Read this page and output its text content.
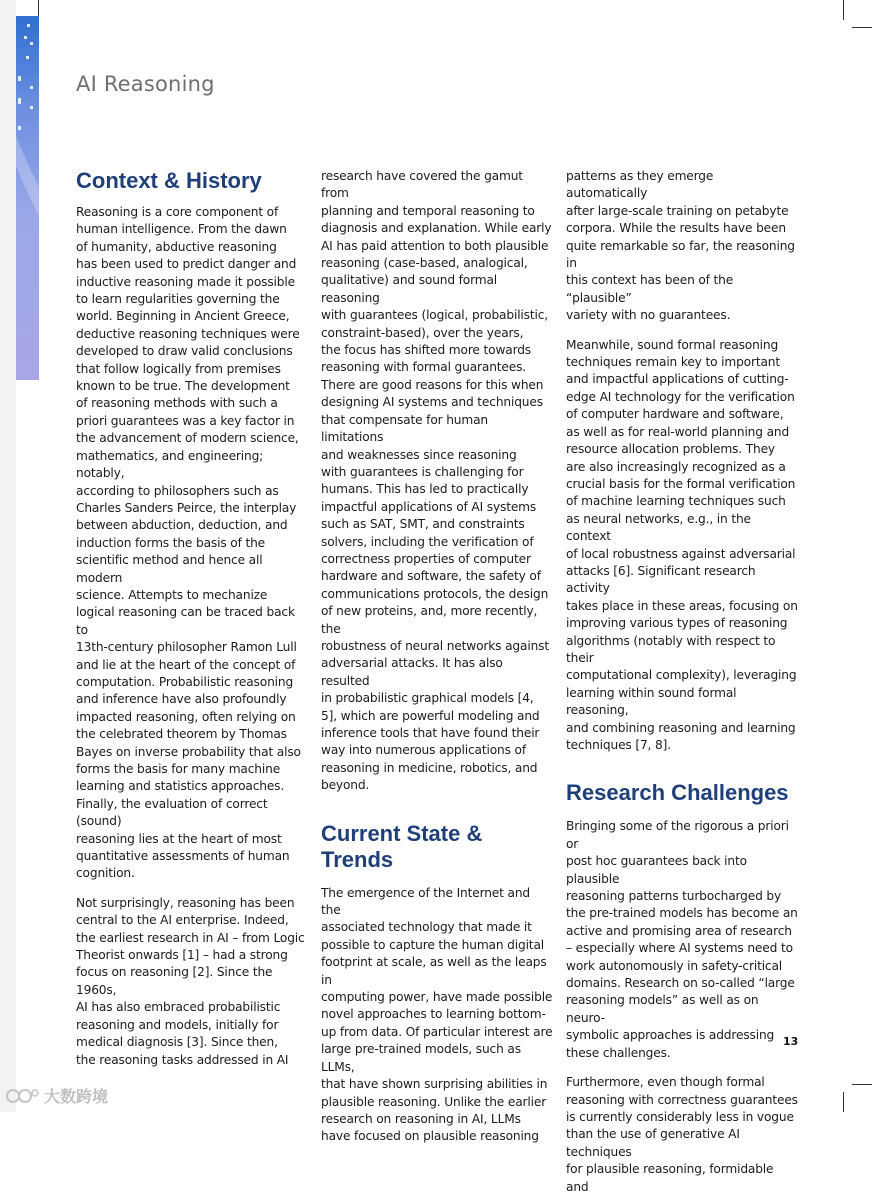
AI Reasoning
Context & History

Reasoning is a core component of
human intelligence. From the dawn
of humanity, abductive reasoning
has been used to predict danger and
inductive reasoning made it possible
to learn regularities governing the
world. Beginning in Ancient Greece,
deductive reasoning techniques were
developed to draw valid conclusions
that follow logically from premises
known to be true. The development
of reasoning methods with such a
priori guarantees was a key factor in
the advancement of modern science,
mathematics, and engineering; notably,
according to philosophers such as
Charles Sanders Peirce, the interplay
between abduction, deduction, and
induction forms the basis of the
scientific method and hence all modern
science. Attempts to mechanize
logical reasoning can be traced back to
13th-century philosopher Ramon Lull
and lie at the heart of the concept of
computation. Probabilistic reasoning
and inference have also profoundly
impacted reasoning, often relying on
the celebrated theorem by Thomas
Bayes on inverse probability that also
forms the basis for many machine
learning and statistics approaches.
Finally, the evaluation of correct (sound)
reasoning lies at the heart of most
quantitative assessments of human
cognition.

Not surprisingly, reasoning has been
central to the AI enterprise. Indeed,
the earliest research in AI – from Logic
Theorist onwards [1] – had a strong
focus on reasoning [2]. Since the 1960s,
AI has also embraced probabilistic
reasoning and models, initially for
medical diagnosis [3]. Since then,
the reasoning tasks addressed in AI

research have covered the gamut from
planning and temporal reasoning to
diagnosis and explanation. While early
AI has paid attention to both plausible
reasoning (case-based, analogical,
qualitative) and sound formal reasoning
with guarantees (logical, probabilistic,
constraint-based), over the years,
the focus has shifted more towards
reasoning with formal guarantees.
There are good reasons for this when
designing AI systems and techniques
that compensate for human limitations
and weaknesses since reasoning
with guarantees is challenging for
humans. This has led to practically
impactful applications of AI systems
such as SAT, SMT, and constraints
solvers, including the verification of
correctness properties of computer
hardware and software, the safety of
communications protocols, the design
of new proteins, and, more recently, the
robustness of neural networks against
adversarial attacks. It has also resulted
in probabilistic graphical models [4,
5], which are powerful modeling and
inference tools that have found their
way into numerous applications of
reasoning in medicine, robotics, and
beyond.

Current State & Trends

The emergence of the Internet and the
associated technology that made it
possible to capture the human digital
footprint at scale, as well as the leaps in
computing power, have made possible
novel approaches to learning bottom-
up from data. Of particular interest are
large pre-trained models, such as LLMs,
that have shown surprising abilities in
plausible reasoning. Unlike the earlier
research on reasoning in AI, LLMs
have focused on plausible reasoning

patterns as they emerge automatically
after large-scale training on petabyte
corpora. While the results have been
quite remarkable so far, the reasoning in
this context has been of the “plausible”
variety with no guarantees.

Meanwhile, sound formal reasoning
techniques remain key to important
and impactful applications of cutting-
edge AI technology for the verification
of computer hardware and software,
as well as for real-world planning and
resource allocation problems. They
are also increasingly recognized as a
crucial basis for the formal verification
of machine learning techniques such
as neural networks, e.g., in the context
of local robustness against adversarial
attacks [6]. Significant research activity
takes place in these areas, focusing on
improving various types of reasoning
algorithms (notably with respect to their
computational complexity), leveraging
learning within sound formal reasoning,
and combining reasoning and learning
techniques [7, 8].

Research Challenges

Bringing some of the rigorous a priori or
post hoc guarantees back into plausible
reasoning patterns turbocharged by
the pre-trained models has become an
active and promising area of research
– especially where AI systems need to
work autonomously in safety-critical
domains. Research on so-called “large
reasoning models” as well as on neuro-
symbolic approaches is addressing
these challenges.

Furthermore, even though formal
reasoning with correctness guarantees
is currently considerably less in vogue
than the use of generative AI techniques
for plausible reasoning, formidable and

13
大数跨境
